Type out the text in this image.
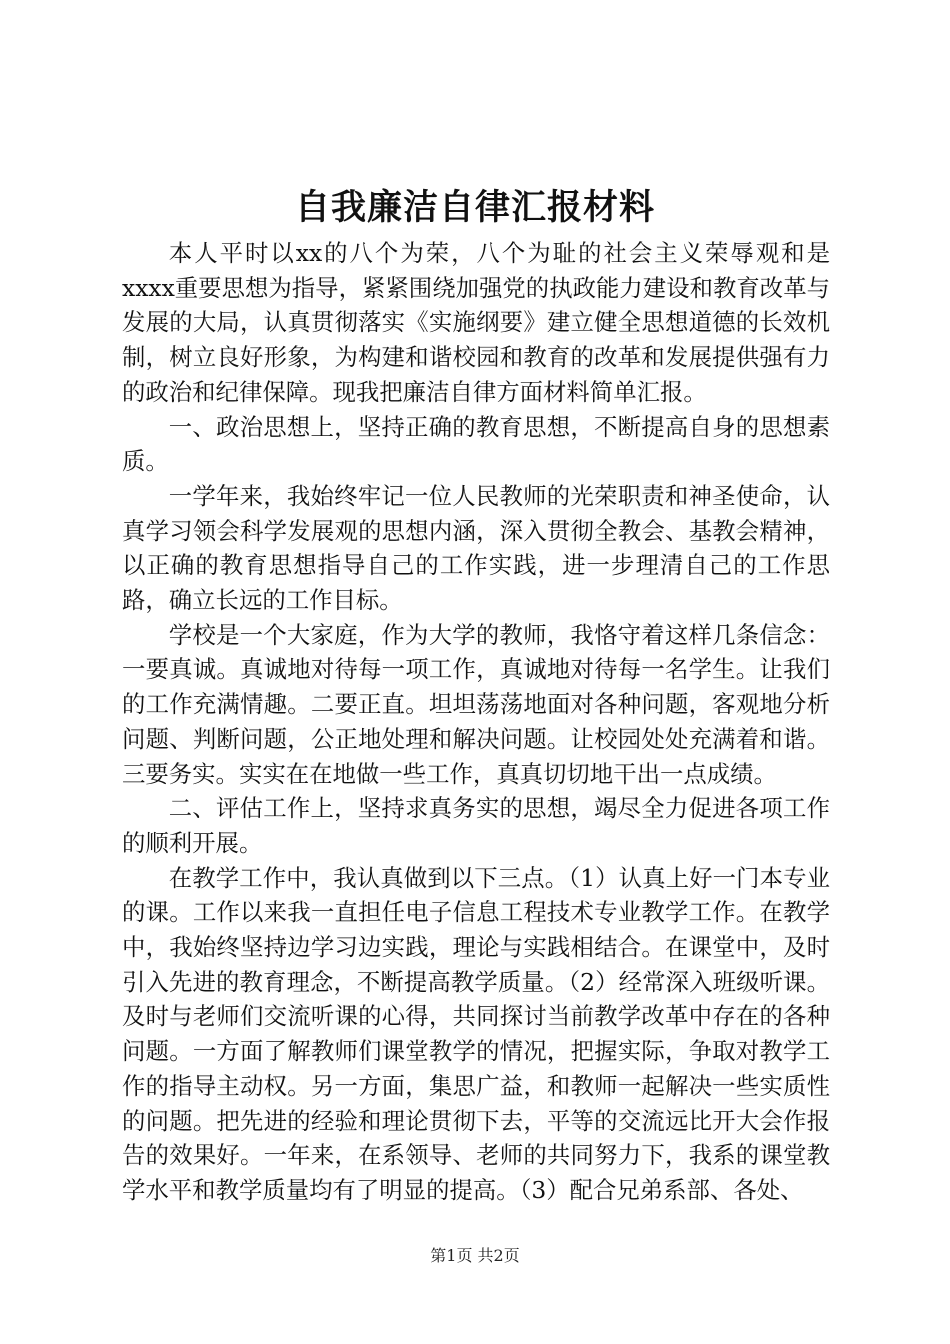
自我廉洁自律汇报材料

本人平时以xx的八个为荣，八个为耻的社会主义荣辱观和是xxxx重要思想为指导，紧紧围绕加强党的执政能力建设和教育改革与发展的大局，认真贯彻落实《实施纲要》建立健全思想道德的长效机制，树立良好形象，为构建和谐校园和教育的改革和发展提供强有力的政治和纪律保障。现我把廉洁自律方面材料简单汇报。

一、政治思想上，坚持正确的教育思想，不断提高自身的思想素质。

一学年来，我始终牢记一位人民教师的光荣职责和神圣使命，认真学习领会科学发展观的思想内涵，深入贯彻全教会、基教会精神，以正确的教育思想指导自己的工作实践，进一步理清自己的工作思路，确立长远的工作目标。

学校是一个大家庭，作为大学的教师，我恪守着这样几条信念：一要真诚。真诚地对待每一项工作，真诚地对待每一名学生。让我们的工作充满情趣。二要正直。坦坦荡荡地面对各种问题，客观地分析问题、判断问题，公正地处理和解决问题。让校园处处充满着和谐。三要务实。实实在在地做一些工作，真真切切地干出一点成绩。

二、评估工作上，坚持求真务实的思想，竭尽全力促进各项工作的顺利开展。

在教学工作中，我认真做到以下三点。（1）认真上好一门本专业的课。工作以来我一直担任电子信息工程技术专业教学工作。在教学中，我始终坚持边学习边实践，理论与实践相结合。在课堂中，及时引入先进的教育理念，不断提高教学质量。（2）经常深入班级听课。及时与老师们交流听课的心得，共同探讨当前教学改革中存在的各种问题。一方面了解教师们课堂教学的情况，把握实际，争取对教学工作的指导主动权。另一方面，集思广益，和教师一起解决一些实质性的问题。把先进的经验和理论贯彻下去，平等的交流远比开大会作报告的效果好。一年来，在系领导、老师的共同努力下，我系的课堂教学水平和教学质量均有了明显的提高。（3）配合兄弟系部、各处、

第1页 共2页
